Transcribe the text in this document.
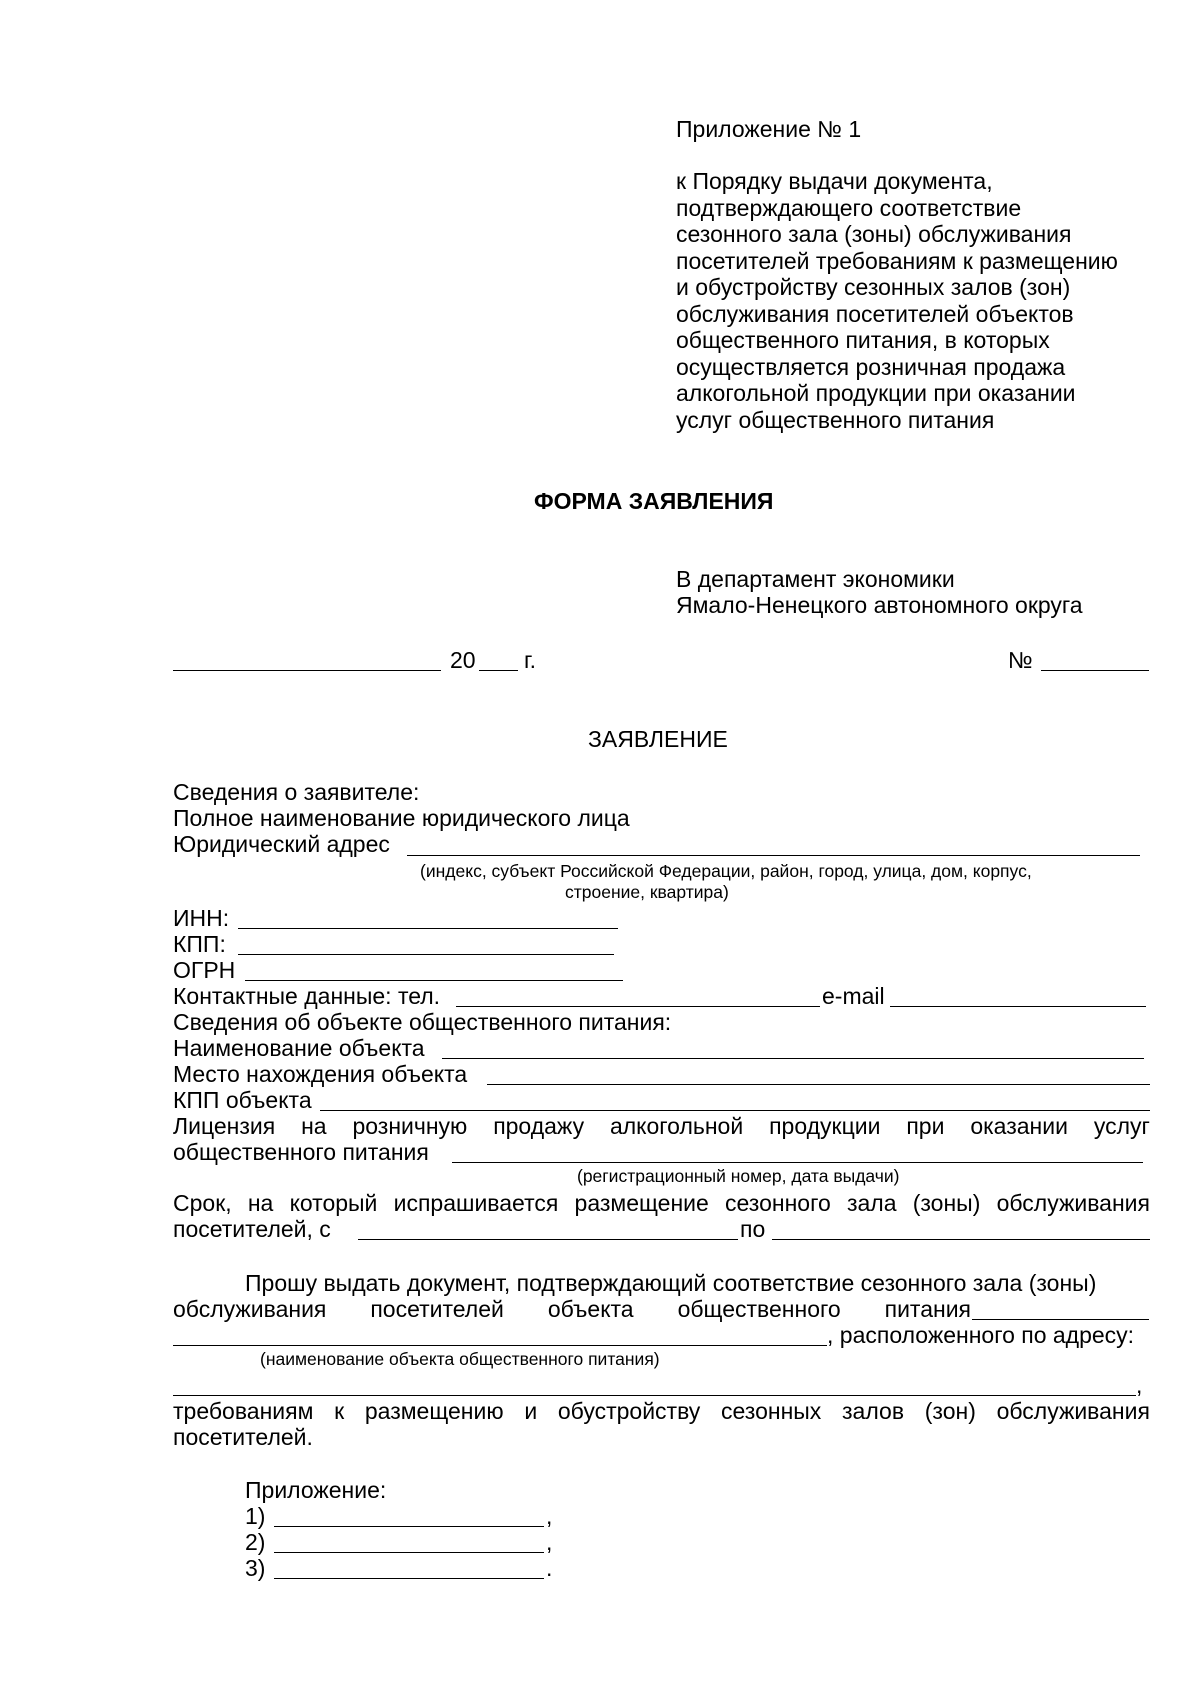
Приложение № 1
к Порядку выдачи документа,
подтверждающего соответствие
сезонного зала (зоны) обслуживания
посетителей требованиям к размещению
и обустройству сезонных залов (зон)
обслуживания посетителей объектов
общественного питания, в которых
осуществляется розничная продажа
алкогольной продукции при оказании
услуг общественного питания
ФОРМА ЗАЯВЛЕНИЯ
В департамент экономики
Ямало-Ненецкого автономного округа
20 г.	№
ЗАЯВЛЕНИЕ
Сведения о заявителе:
Полное наименование юридического лица
Юридический адрес
(индекс, субъект Российской Федерации, район, город, улица, дом, корпус,
строение, квартира)
ИНН:
КПП:
ОГРН
Контактные данные: тел.	e-mail
Сведения об объекте общественного питания:
Наименование объекта
Место нахождения объекта
КПП объекта
Лицензия на розничную продажу алкогольной продукции при оказании услуг
общественного питания
(регистрационный номер, дата выдачи)
Срок, на который испрашивается размещение сезонного зала (зоны) обслуживания
посетителей, с	по
Прошу выдать документ, подтверждающий соответствие сезонного зала (зоны)
обслуживания посетителей объекта общественного питания
, расположенного по адресу:
(наименование объекта общественного питания)
,
требованиям к размещению и обустройству сезонных залов (зон) обслуживания
посетителей.
Приложение:
1)	,
2)	,
3)	.
